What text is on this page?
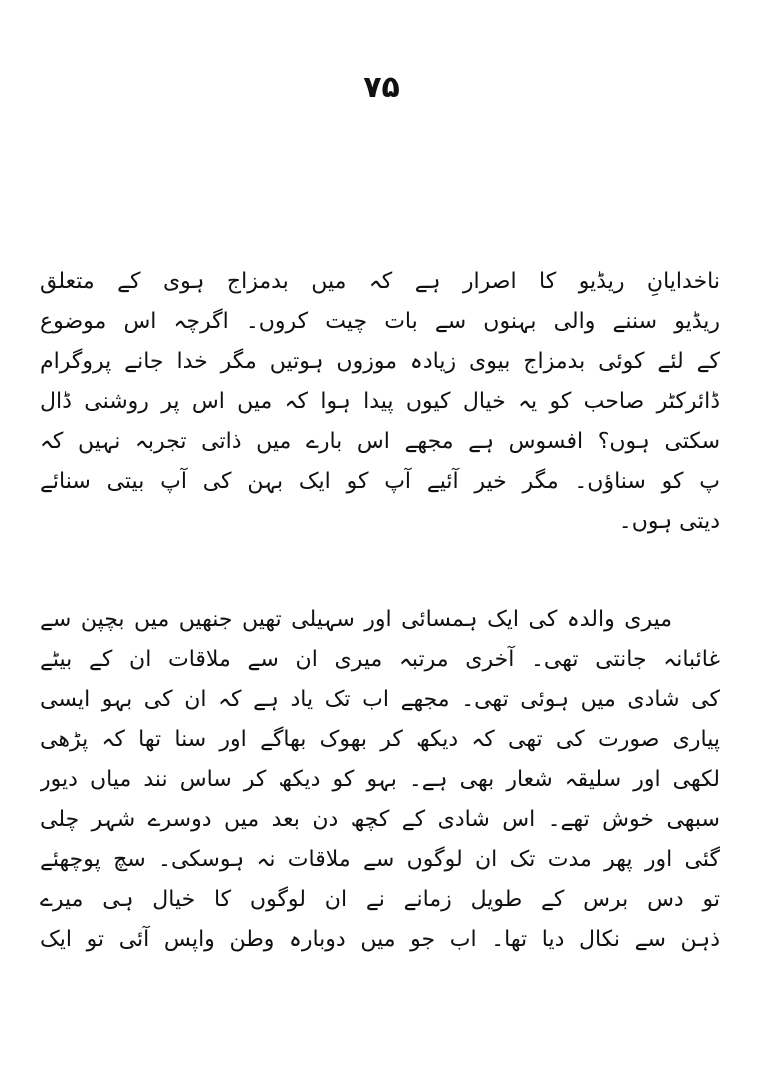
۷۵
ناخدایانِ ریڈیو کا اصرار ہے کہ میں بدمزاج ہوی کے متعلق
ریڈیو سننے والی بہنوں سے بات چیت کروں۔ اگرچہ اس موضوع
کے لئے کوئی بدمزاج بیوی زیادہ موزوں ہوتیں مگر خدا جانے پروگرام
ڈائرکٹر صاحب کو یہ خیال کیوں پیدا ہوا کہ میں اس پر روشنی ڈال
سکتی ہوں؟ افسوس ہے مجھے اس بارے میں ذاتی تجربہ نہیں کہ
پ کو سناؤں۔ مگر خیر آئیے آپ کو ایک بہن کی آپ بیتی سنائے
دیتی ہوں۔
میری والدہ کی ایک ہمسائی اور سہیلی تھیں جنھیں میں بچپن سے
غائبانہ جانتی تھی۔ آخری مرتبہ میری ان سے ملاقات ان کے بیٹے
کی شادی میں ہوئی تھی۔ مجھے اب تک یاد ہے کہ ان کی بہو ایسی
پیاری صورت کی تھی کہ دیکھ کر بھوک بھاگے اور سنا تھا کہ پڑھی
لکھی اور سلیقہ شعار بھی ہے۔ بہو کو دیکھ کر ساس نند میاں دیور
سبھی خوش تھے۔ اس شادی کے کچھ دن بعد میں دوسرے شہر چلی
گئی اور پھر مدت تک ان لوگوں سے ملاقات نہ ہوسکی۔ سچ پوچھئے
تو دس برس کے طویل زمانے نے ان لوگوں کا خیال ہی میرے
ذہن سے نکال دیا تھا۔ اب جو میں دوبارہ وطن واپس آئی تو ایک
